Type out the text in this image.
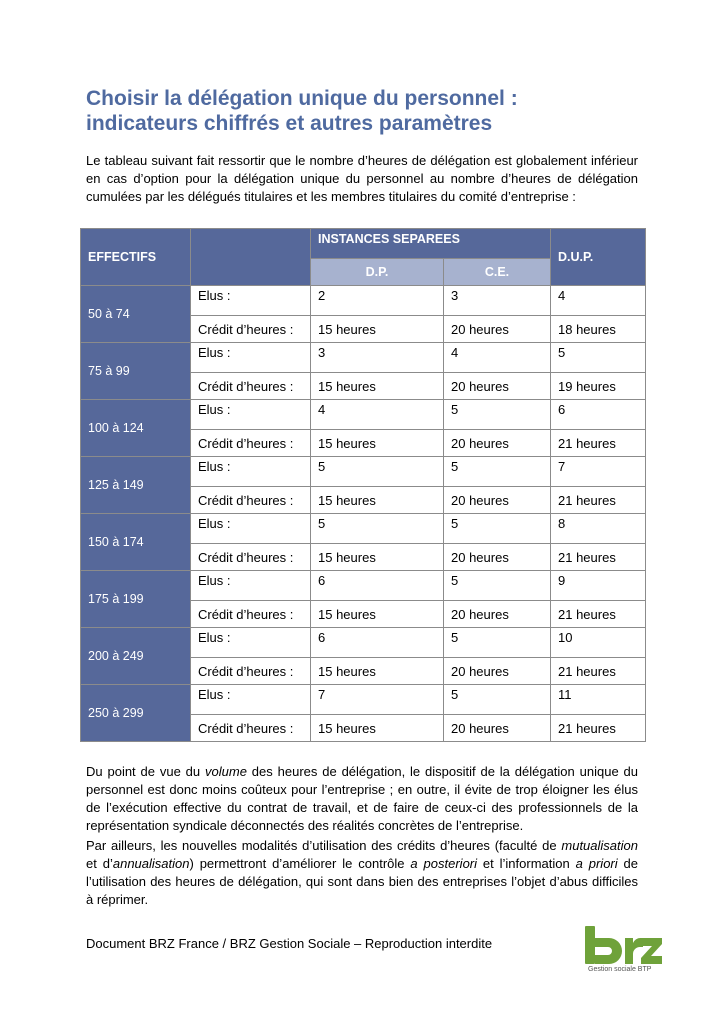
Choisir la délégation unique du personnel :
indicateurs chiffrés et autres paramètres

Le tableau suivant fait ressortir que le nombre d’heures de délégation est globalement inférieur en cas d’option pour la délégation unique du personnel au nombre d’heures de délégation cumulées par les délégués titulaires et les membres titulaires du comité d’entreprise :

EFFECTIFS		INSTANCES SEPAREES		D.U.P.
		D.P.	C.E.	
50 à 74	Elus :	2	3	4
	Crédit d’heures :	15 heures	20 heures	18 heures
75 à 99	Elus :	3	4	5
	Crédit d’heures :	15 heures	20 heures	19 heures
100 à 124	Elus :	4	5	6
	Crédit d’heures :	15 heures	20 heures	21 heures
125 à 149	Elus :	5	5	7
	Crédit d’heures :	15 heures	20 heures	21 heures
150 à 174	Elus :	5	5	8
	Crédit d’heures :	15 heures	20 heures	21 heures
175 à 199	Elus :	6	5	9
	Crédit d’heures :	15 heures	20 heures	21 heures
200 à 249	Elus :	6	5	10
	Crédit d’heures :	15 heures	20 heures	21 heures
250 à 299	Elus :	7	5	11
	Crédit d’heures :	15 heures	20 heures	21 heures

Du point de vue du volume des heures de délégation, le dispositif de la délégation unique du personnel est donc moins coûteux pour l’entreprise ; en outre, il évite de trop éloigner les élus de l’exécution effective du contrat de travail, et de faire de ceux-ci des professionnels de la représentation syndicale déconnectés des réalités concrètes de l’entreprise.

Par ailleurs, les nouvelles modalités d’utilisation des crédits d’heures (faculté de mutualisation et d’annualisation) permettront d’améliorer le contrôle a posteriori et l’information a priori de l’utilisation des heures de délégation, qui sont dans bien des entreprises l’objet d’abus difficiles à réprimer.

Document BRZ France / BRZ Gestion Sociale – Reproduction interdite
Gestion sociale BTP
